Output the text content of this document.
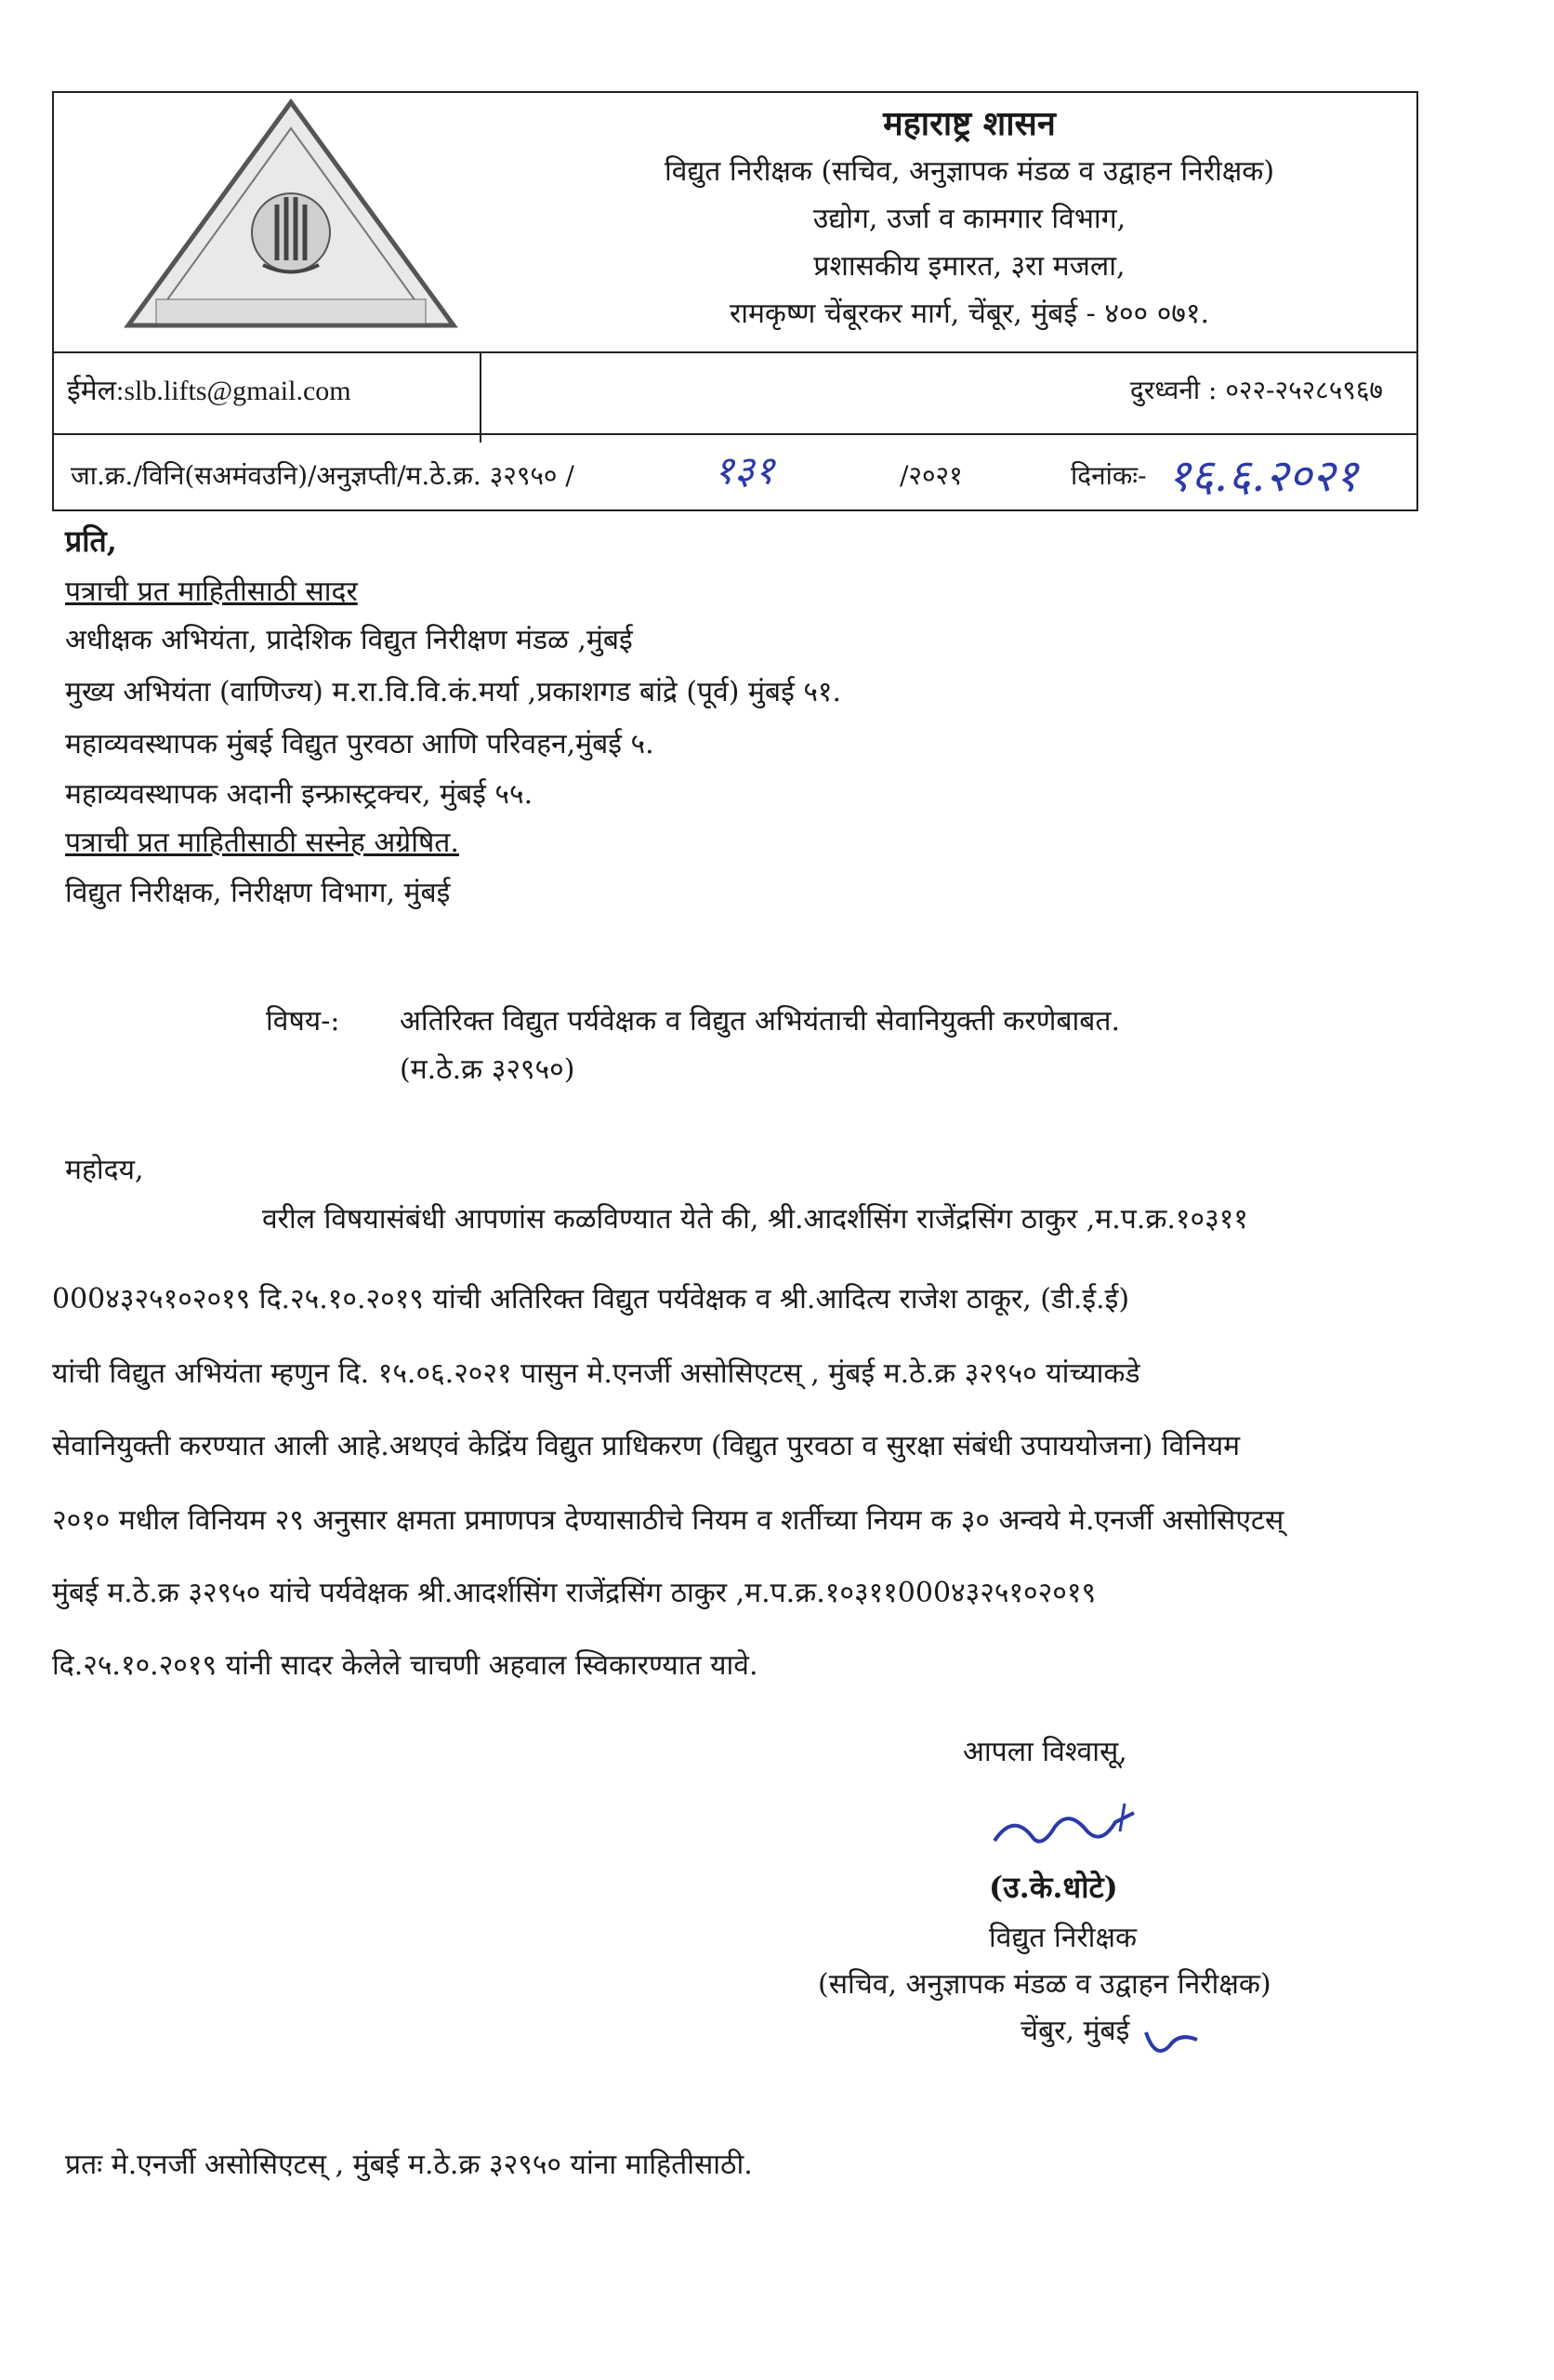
महाराष्ट्र शासन
विद्युत निरीक्षक (सचिव, अनुज्ञापक मंडळ व उद्वाहन निरीक्षक)
उद्योग, उर्जा व कामगार विभाग,
प्रशासकीय इमारत, ३रा मजला,
रामकृष्ण चेंबूरकर मार्ग, चेंबूर, मुंबई - ४०० ०७१.
ईमेल:slb.lifts@gmail.com	दुरध्वनी : ०२२-२५२८५९६७
जा.क्र./विनि(सअमंवउनि)/अनुज्ञप्ती/म.ठे.क्र. ३२९५० /	१३१	/२०२१	दिनांकः- १६.६.२०२१
प्रति,
पत्राची प्रत माहितीसाठी सादर
अधीक्षक अभियंता, प्रादेशिक विद्युत निरीक्षण मंडळ ,मुंबई
मुख्य अभियंता (वाणिज्य) म.रा.वि.वि.कं.मर्या ,प्रकाशगड बांद्रे (पूर्व) मुंबई ५१.
महाव्यवस्थापक मुंबई विद्युत पुरवठा आणि परिवहन,मुंबई ५.
महाव्यवस्थापक अदानी इन्फ्रास्ट्रक्चर, मुंबई ५५.
पत्राची प्रत माहितीसाठी सस्नेह अग्रेषित.
विद्युत निरीक्षक, निरीक्षण विभाग, मुंबई
विषय-: अतिरिक्त विद्युत पर्यवेक्षक व विद्युत अभियंताची सेवानियुक्ती करणेबाबत.
(म.ठे.क्र ३२९५०)
महोदय,
वरील विषयासंबंधी आपणांस कळविण्यात येते की, श्री.आदर्शसिंग राजेंद्रसिंग ठाकुर ,म.प.क्र.१०३११
000४३२५१०२०१९ दि.२५.१०.२०१९ यांची अतिरिक्त विद्युत पर्यवेक्षक व श्री.आदित्य राजेश ठाकूर, (डी.ई.ई)
यांची विद्युत अभियंता म्हणुन दि. १५.०६.२०२१ पासुन मे.एनर्जी असोसिएटस् , मुंबई म.ठे.क्र ३२९५० यांच्याकडे
सेवानियुक्ती करण्यात आली आहे.अथएवं केद्रिंय विद्युत प्राधिकरण (विद्युत पुरवठा व सुरक्षा संबंधी उपाययोजना) विनियम
२०१० मधील विनियम २९ अनुसार क्षमता प्रमाणपत्र देण्यासाठीचे नियम व शर्तीच्या नियम क ३० अन्वये मे.एनर्जी असोसिएटस्
मुंबई म.ठे.क्र ३२९५० यांचे पर्यवेक्षक श्री.आदर्शसिंग राजेंद्रसिंग ठाकुर ,म.प.क्र.१०३११000४३२५१०२०१९
दि.२५.१०.२०१९ यांनी सादर केलेले चाचणी अहवाल स्विकारण्यात यावे.
आपला विश्वासू,
(उ.के.धोटे)
विद्युत निरीक्षक
(सचिव, अनुज्ञापक मंडळ व उद्वाहन निरीक्षक)
चेंबुर, मुंबई
प्रतः मे.एनर्जी असोसिएटस् , मुंबई म.ठे.क्र ३२९५० यांना माहितीसाठी.
